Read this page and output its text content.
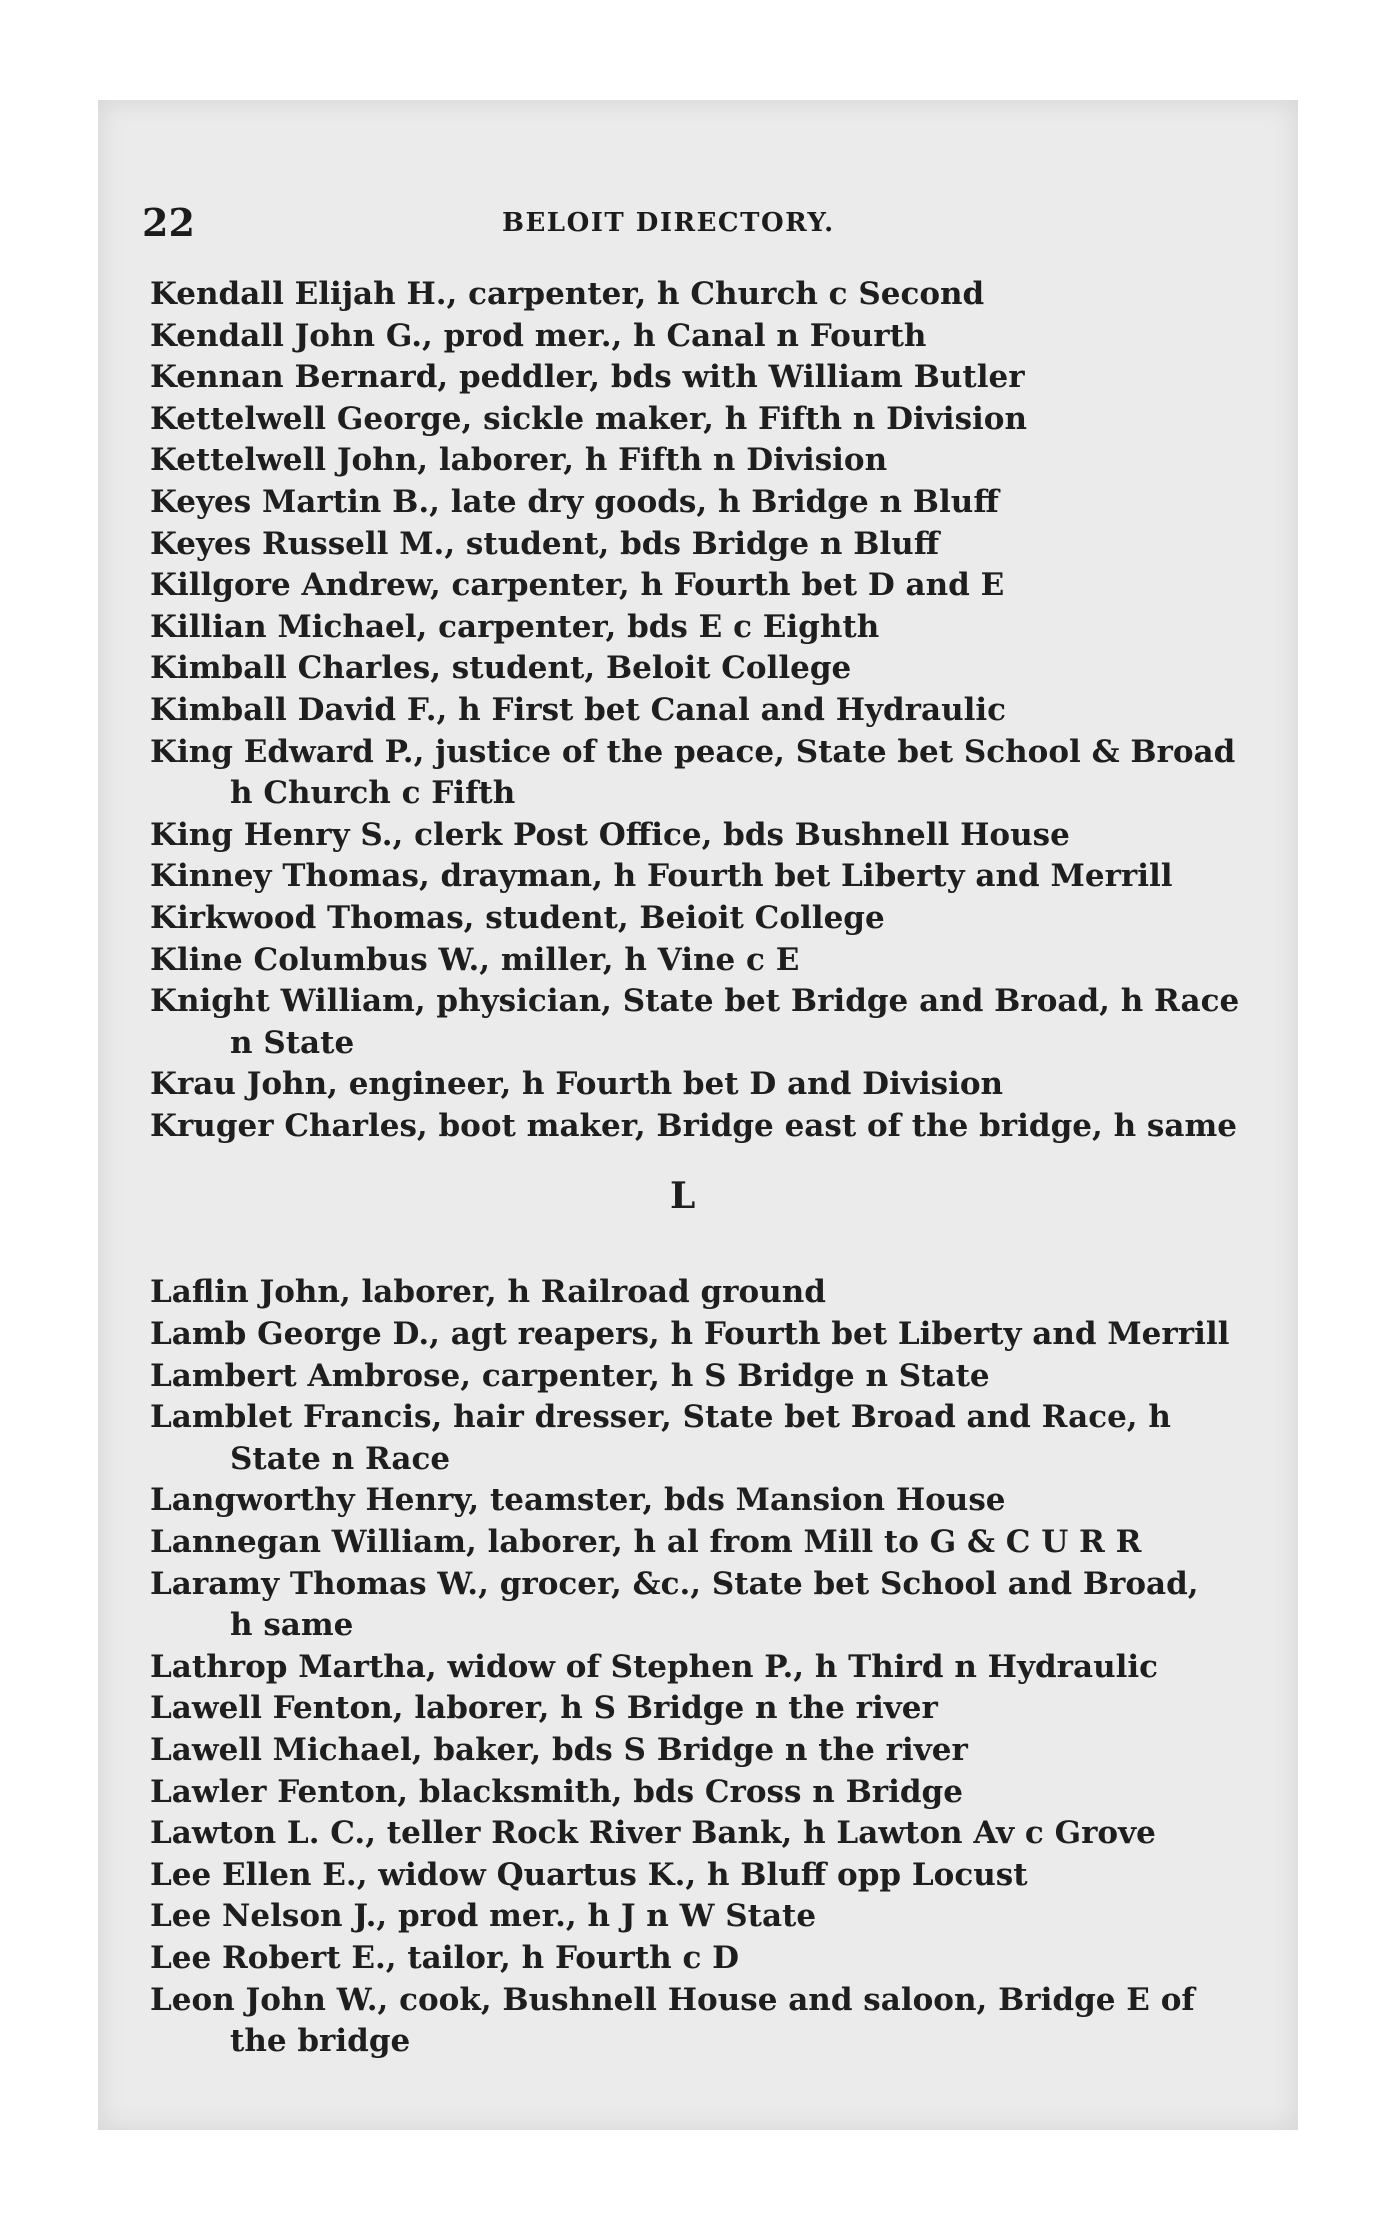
22	BELOIT DIRECTORY.
Kendall Elijah H., carpenter, h Church c Second
Kendall John G., prod mer., h Canal n Fourth
Kennan Bernard, peddler, bds with William Butler
Kettelwell George, sickle maker, h Fifth n Division
Kettelwell John, laborer, h Fifth n Division
Keyes Martin B., late dry goods, h Bridge n Bluff
Keyes Russell M., student, bds Bridge n Bluff
Killgore Andrew, carpenter, h Fourth bet D and E
Killian Michael, carpenter, bds E c Eighth
Kimball Charles, student, Beloit College
Kimball David F., h First bet Canal and Hydraulic
King Edward P., justice of the peace, State bet School & Broad
h Church c Fifth
King Henry S., clerk Post Office, bds Bushnell House
Kinney Thomas, drayman, h Fourth bet Liberty and Merrill
Kirkwood Thomas, student, Beioit College
Kline Columbus W., miller, h Vine c E
Knight William, physician, State bet Bridge and Broad, h Race
n State
Krau John, engineer, h Fourth bet D and Division
Kruger Charles, boot maker, Bridge east of the bridge, h same
L
Laflin John, laborer, h Railroad ground
Lamb George D., agt reapers, h Fourth bet Liberty and Merrill
Lambert Ambrose, carpenter, h S Bridge n State
Lamblet Francis, hair dresser, State bet Broad and Race, h
State n Race
Langworthy Henry, teamster, bds Mansion House
Lannegan William, laborer, h al from Mill to G & C U R R
Laramy Thomas W., grocer, &c., State bet School and Broad,
h same
Lathrop Martha, widow of Stephen P., h Third n Hydraulic
Lawell Fenton, laborer, h S Bridge n the river
Lawell Michael, baker, bds S Bridge n the river
Lawler Fenton, blacksmith, bds Cross n Bridge
Lawton L. C., teller Rock River Bank, h Lawton Av c Grove
Lee Ellen E., widow Quartus K., h Bluff opp Locust
Lee Nelson J., prod mer., h J n W State
Lee Robert E., tailor, h Fourth c D
Leon John W., cook, Bushnell House and saloon, Bridge E of
the bridge
